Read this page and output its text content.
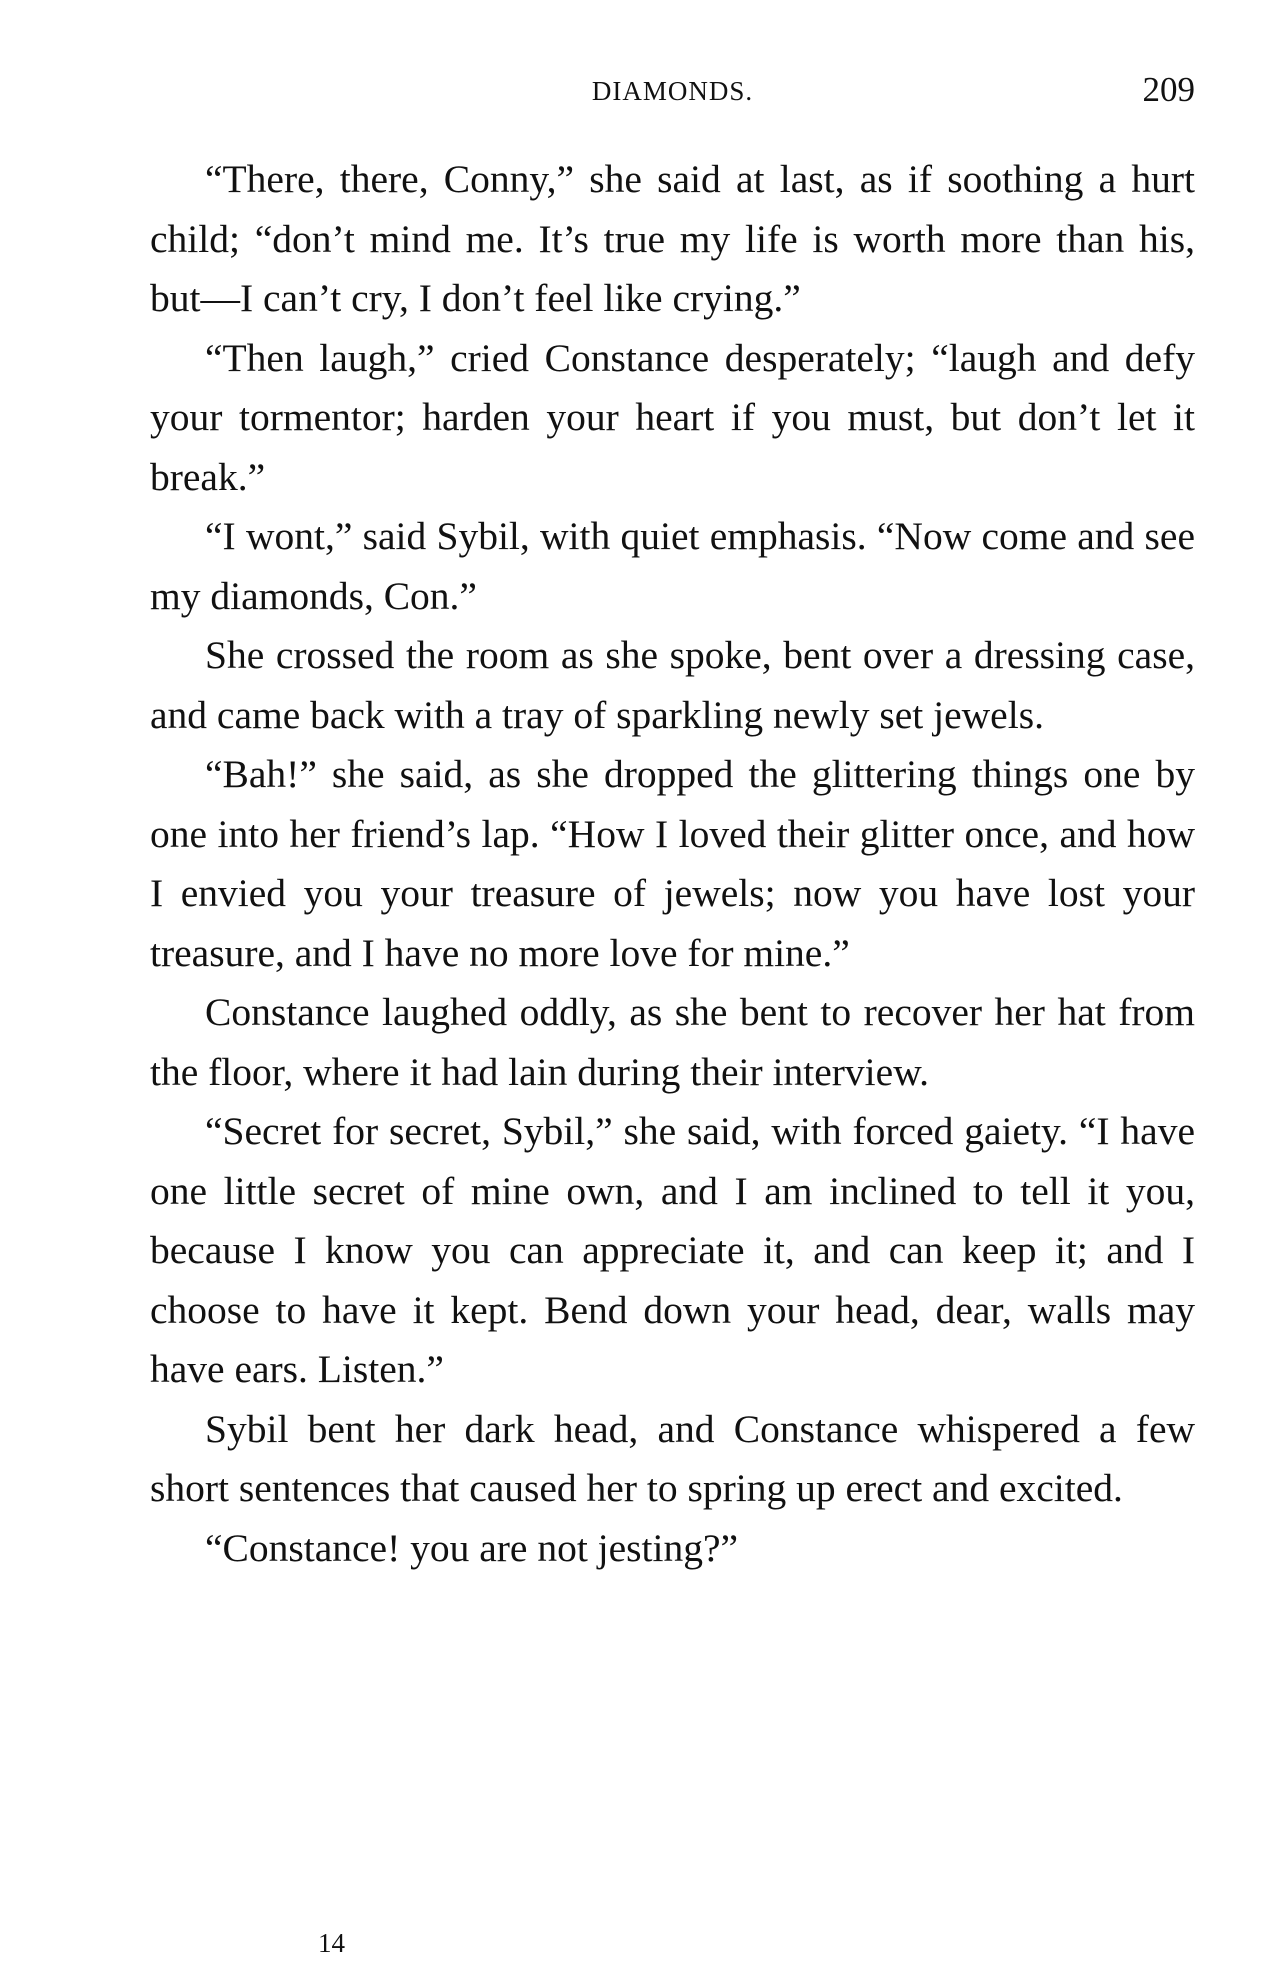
DIAMONDS.	209

“There, there, Conny,” she said at last, as if soothing a hurt child; “don’t mind me. It’s true my life is worth more than his, but—I can’t cry, I don’t feel like crying.”

“Then laugh,” cried Constance desperately; “laugh and defy your tormentor; harden your heart if you must, but don’t let it break.”

“I wont,” said Sybil, with quiet emphasis. “Now come and see my diamonds, Con.”

She crossed the room as she spoke, bent over a dressing case, and came back with a tray of sparkling newly set jewels.

“Bah!” she said, as she dropped the glittering things one by one into her friend’s lap. “How I loved their glitter once, and how I envied you your treasure of jewels; now you have lost your treasure, and I have no more love for mine.”

Constance laughed oddly, as she bent to recover her hat from the floor, where it had lain during their interview.

“Secret for secret, Sybil,” she said, with forced gaiety. “I have one little secret of mine own, and I am inclined to tell it you, because I know you can appreciate it, and can keep it; and I choose to have it kept. Bend down your head, dear, walls may have ears. Listen.”

Sybil bent her dark head, and Constance whispered a few short sentences that caused her to spring up erect and excited.

“Constance! you are not jesting?”

14
